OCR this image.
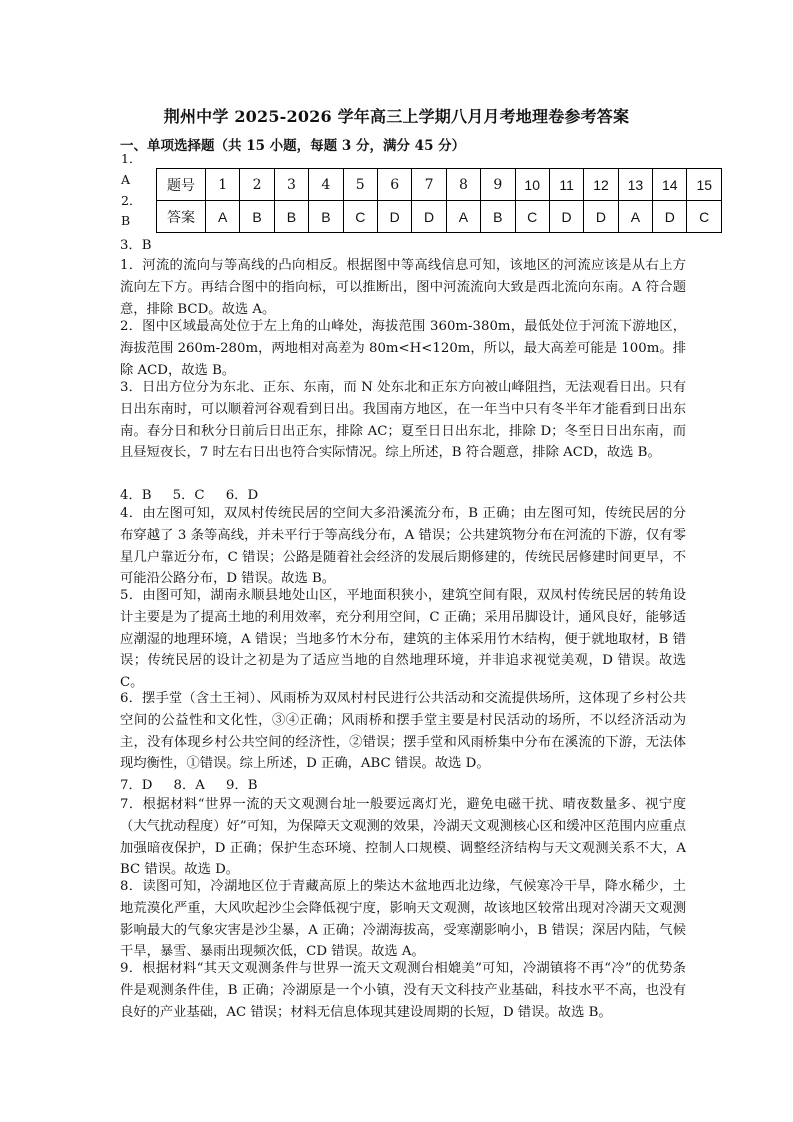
荆州中学 2025-2026 学年高三上学期八月月考地理卷参考答案
一、单项选择题（共 15 小题，每题 3 分，满分 45 分）
1．
A
2．
B
题号	1	2	3	4	5	6	7	8	9	10	11	12	13	14	15
答案	A	B	B	B	C	D	D	A	B	C	D	D	A	D	C
3．B
1．河流的流向与等高线的凸向相反。根据图中等高线信息可知，该地区的河流应该是从右上方流向左下方。再结合图中的指向标，可以推断出，图中河流流向大致是西北流向东南。A 符合题意，排除 BCD。故选 A。
2．图中区域最高处位于左上角的山峰处，海拔范围 360m-380m，最低处位于河流下游地区，海拔范围 260m-280m，两地相对高差为 80m<H<120m，所以，最大高差可能是 100m。排除 ACD，故选 B。
3．日出方位分为东北、正东、东南，而 N 处东北和正东方向被山峰阻挡，无法观看日出。只有日出东南时，可以顺着河谷观看到日出。我国南方地区，在一年当中只有冬半年才能看到日出东南。春分日和秋分日前后日出正东，排除 AC；夏至日日出东北，排除 D；冬至日日出东南，而且昼短夜长，7 时左右日出也符合实际情况。综上所述，B 符合题意，排除 ACD，故选 B。
4．B     5．C     6．D
4．由左图可知，双凤村传统民居的空间大多沿溪流分布，B 正确；由左图可知，传统民居的分布穿越了 3 条等高线，并未平行于等高线分布，A 错误；公共建筑物分布在河流的下游，仅有零星几户靠近分布，C 错误；公路是随着社会经济的发展后期修建的，传统民居修建时间更早，不可能沿公路分布，D 错误。故选 B。
5．由图可知，湖南永顺县地处山区，平地面积狭小，建筑空间有限，双凤村传统民居的转角设计主要是为了提高土地的利用效率，充分利用空间，C 正确；采用吊脚设计，通风良好，能够适应潮湿的地理环境，A 错误；当地多竹木分布，建筑的主体采用竹木结构，便于就地取材，B 错误；传统民居的设计之初是为了适应当地的自然地理环境，并非追求视觉美观，D 错误。故选 C。
6．摆手堂（含土王祠）、风雨桥为双凤村村民进行公共活动和交流提供场所，这体现了乡村公共空间的公益性和文化性，③④正确；风雨桥和摆手堂主要是村民活动的场所，不以经济活动为主，没有体现乡村公共空间的经济性，②错误；摆手堂和风雨桥集中分布在溪流的下游，无法体现均衡性，①错误。综上所述，D 正确，ABC 错误。故选 D。
7．D     8．A     9．B
7．根据材料“世界一流的天文观测台址一般要远离灯光，避免电磁干扰、晴夜数量多、视宁度（大气扰动程度）好”可知，为保障天文观测的效果，冷湖天文观测核心区和缓冲区范围内应重点加强暗夜保护，D 正确；保护生态环境、控制人口规模、调整经济结构与天文观测关系不大，ABC 错误。故选 D。
8．读图可知，冷湖地区位于青藏高原上的柴达木盆地西北边缘，气候寒冷干旱，降水稀少，土地荒漠化严重，大风吹起沙尘会降低视宁度，影响天文观测，故该地区较常出现对冷湖天文观测影响最大的气象灾害是沙尘暴，A 正确；冷湖海拔高，受寒潮影响小，B 错误；深居内陆，气候干旱，暴雪、暴雨出现频次低，CD 错误。故选 A。
9．根据材料“其天文观测条件与世界一流天文观测台相媲美”可知，冷湖镇将不再“冷”的优势条件是观测条件佳，B 正确；冷湖原是一个小镇，没有天文科技产业基础，科技水平不高，也没有良好的产业基础，AC 错误；材料无信息体现其建设周期的长短，D 错误。故选 B。
